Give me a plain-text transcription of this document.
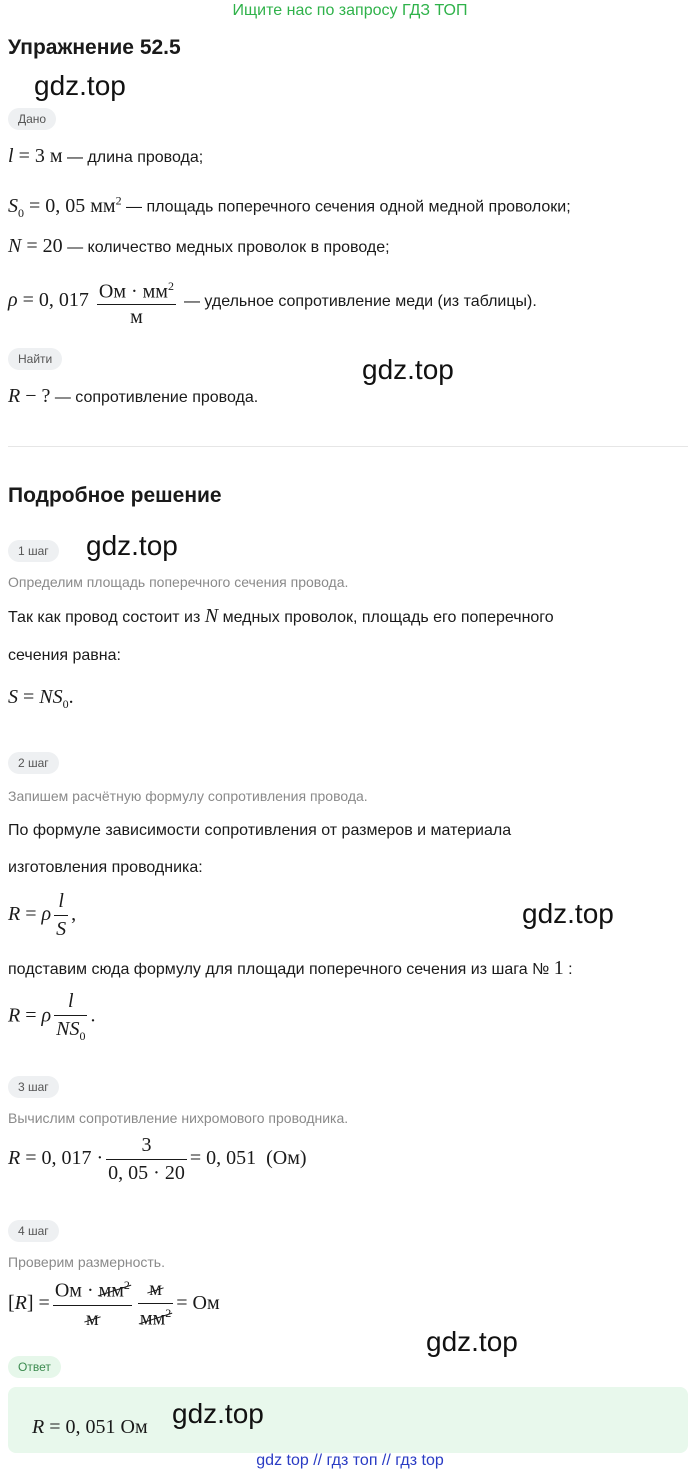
Ищите нас по запросу ГДЗ ТОП
Упражнение 52.5
gdz.top
Дано
l = 3 м — длина провода;
$S_0 = 0$, 05 $мм^2$ — площадь поперечного сечения одной медной проволоки;
N = 20 — количество медных проволок в проводе;
ρ = 0, $017 \frac{Ом \cdot мм^2}{м}$ — удельное сопротивление меди (из таблицы).
Найти	gdz.top
R − ? — сопротивление провода.
Подробное решение
1 шаг	gdz.top
Определим площадь поперечного сечения провода.
Так как провод состоит из N медных проволок, площадь его поперечного
сечения равна:
$S = NS_0$.
2 шаг
Запишем расчётную формулу сопротивления провода.
По формуле зависимости сопротивления от размеров и материала
изготовления проводника:
R = ρ $\frac{l}{S}$ ,	gdz.top
подставим сюда формулу для площади поперечного сечения из шага № 1 :
R = ρ $\frac{l}{NS_0}$ .
3 шаг
Вычислим сопротивление нихромового проводника.
R = 0, $017 \cdot \frac{3}{0, 05 \cdot 20} = 0$, 051  (Ом)
4 шаг
Проверим размерность.
$[R] = \frac{Ом \cdot мм^2}{м} \frac{м}{мм^2}$ = Ом
gdz.top
Ответ
R = 0, 051 Ом gdz.top
gdz top // гдз топ // гдз top
